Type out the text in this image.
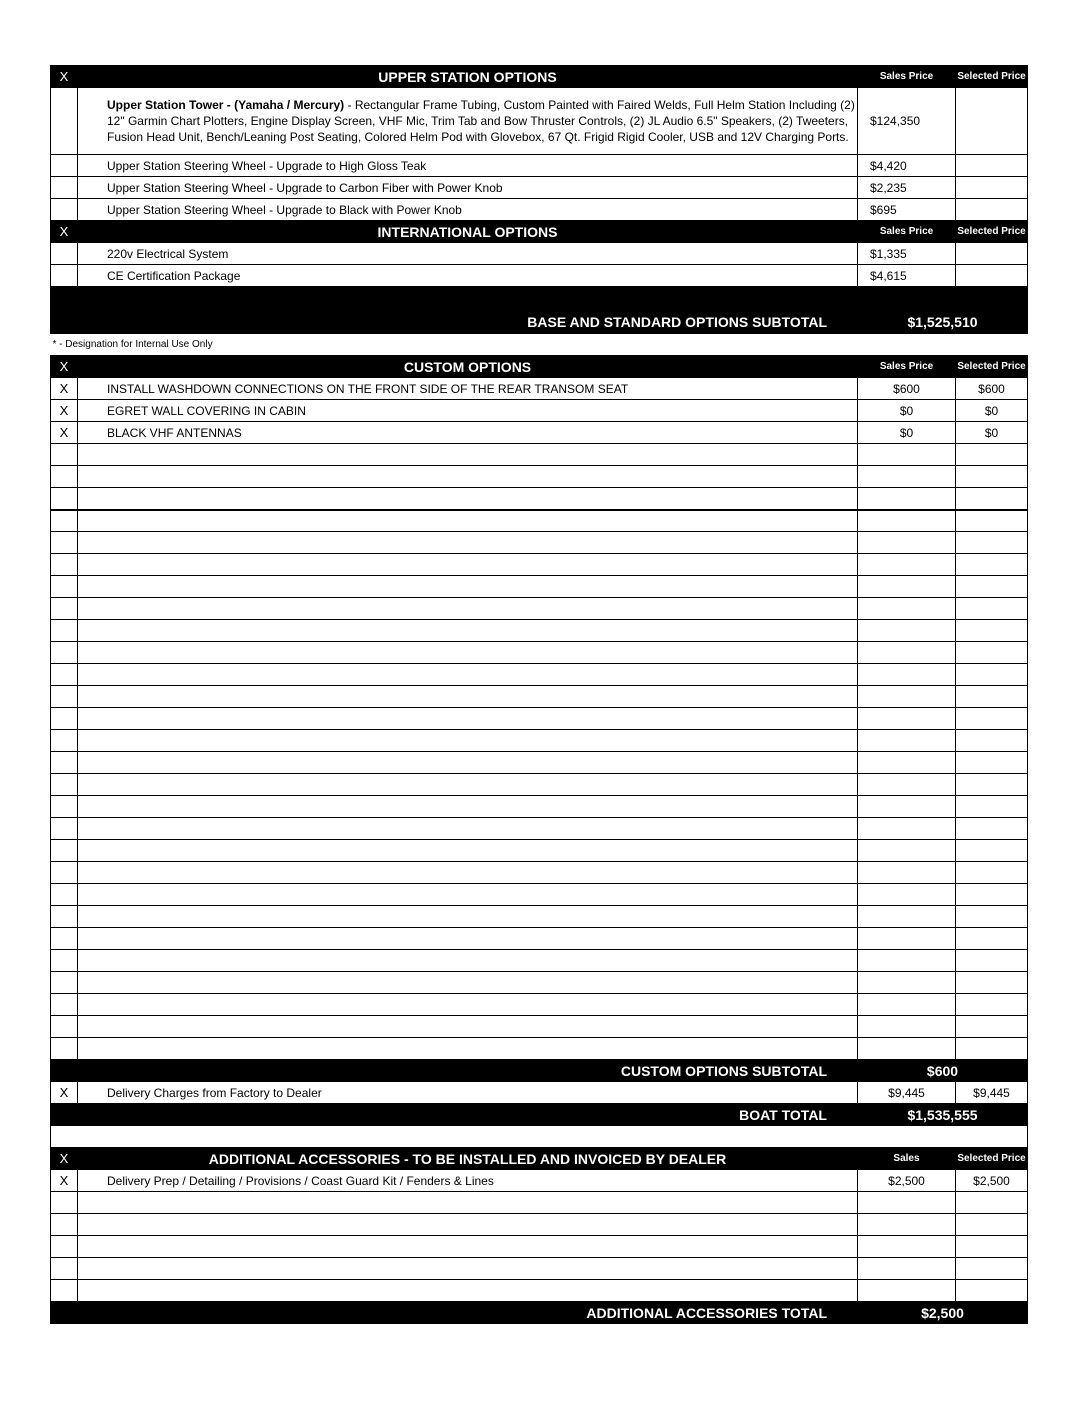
X	UPPER STATION OPTIONS	Sales Price	Selected Price
	Upper Station Tower - (Yamaha / Mercury) - Rectangular Frame Tubing, Custom Painted with Faired Welds, Full Helm Station Including (2) 12" Garmin Chart Plotters, Engine Display Screen, VHF Mic, Trim Tab and Bow Thruster Controls, (2) JL Audio 6.5" Speakers, (2) Tweeters, Fusion Head Unit, Bench/Leaning Post Seating, Colored Helm Pod with Glovebox, 67 Qt. Frigid Rigid Cooler, USB and 12V Charging Ports.	$124,350	
	Upper Station Steering Wheel - Upgrade to High Gloss Teak	$4,420	
	Upper Station Steering Wheel - Upgrade to Carbon Fiber with Power Knob	$2,235	
	Upper Station Steering Wheel - Upgrade to Black with Power Knob	$695	
X	INTERNATIONAL OPTIONS	Sales Price	Selected Price
	220v Electrical System	$1,335	
	CE Certification Package	$4,615	
BASE AND STANDARD OPTIONS SUBTOTAL		$1,525,510	
* - Designation for Internal Use Only			
X	CUSTOM OPTIONS	Sales Price	Selected Price
X	INSTALL WASHDOWN CONNECTIONS ON THE FRONT SIDE OF THE REAR TRANSOM SEAT	$600	$600
X	EGRET WALL COVERING IN CABIN	$0	$0
X	BLACK VHF ANTENNAS	$0	$0

CUSTOM OPTIONS SUBTOTAL		$600	
X	Delivery Charges from Factory to Dealer	$9,445	$9,445
BOAT TOTAL		$1,535,555	

X	ADDITIONAL ACCESSORIES - TO BE INSTALLED AND INVOICED BY DEALER	Sales	Selected Price
X	Delivery Prep / Detailing / Provisions / Coast Guard Kit / Fenders & Lines	$2,500	$2,500

ADDITIONAL ACCESSORIES TOTAL		$2,500	
